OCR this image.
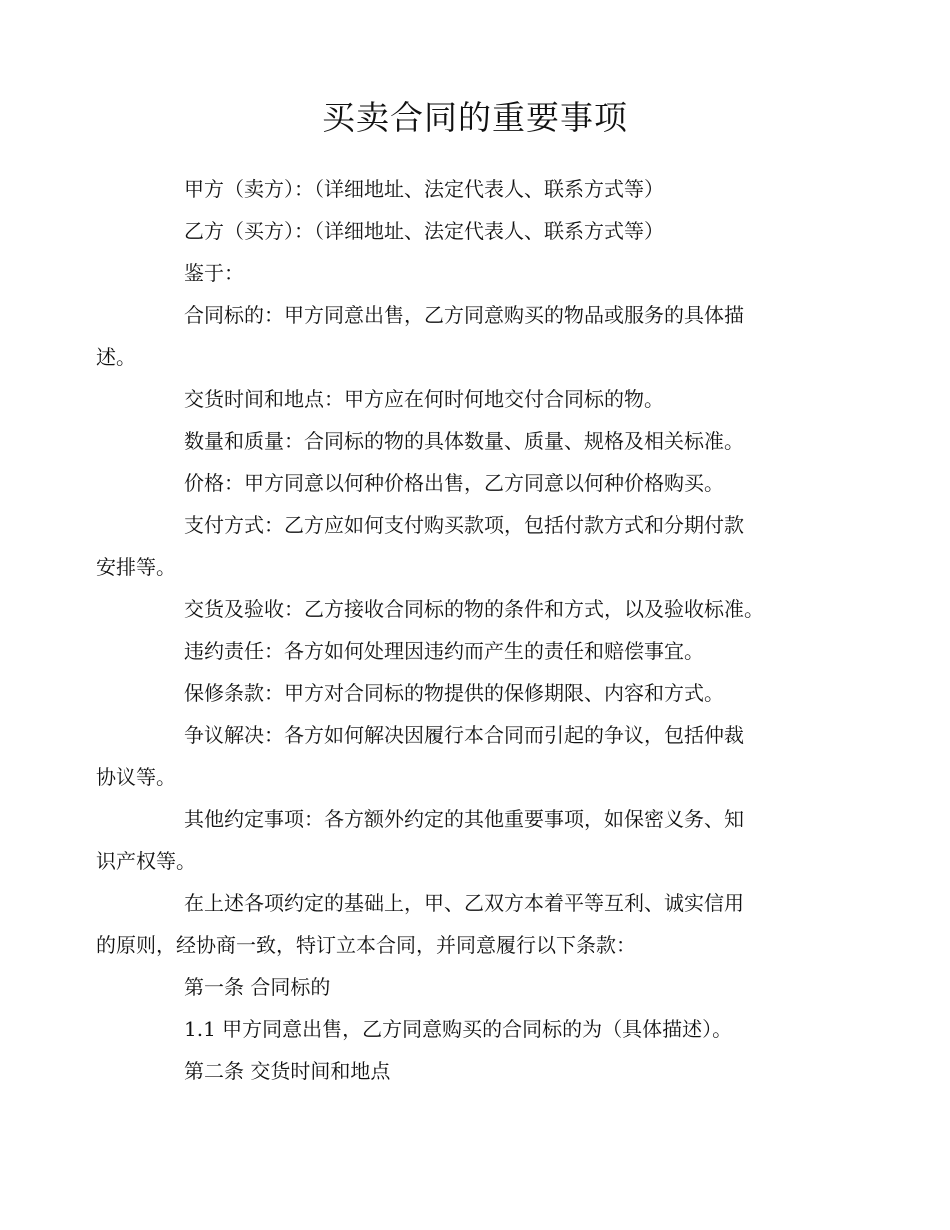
买卖合同的重要事项

甲方（卖方）：（详细地址、法定代表人、联系方式等）

乙方（买方）：（详细地址、法定代表人、联系方式等）

鉴于：

合同标的：甲方同意出售，乙方同意购买的物品或服务的具体描
述。

交货时间和地点：甲方应在何时何地交付合同标的物。

数量和质量：合同标的物的具体数量、质量、规格及相关标准。

价格：甲方同意以何种价格出售，乙方同意以何种价格购买。

支付方式：乙方应如何支付购买款项，包括付款方式和分期付款
安排等。

交货及验收：乙方接收合同标的物的条件和方式，以及验收标准。

违约责任：各方如何处理因违约而产生的责任和赔偿事宜。

保修条款：甲方对合同标的物提供的保修期限、内容和方式。

争议解决：各方如何解决因履行本合同而引起的争议，包括仲裁
协议等。

其他约定事项：各方额外约定的其他重要事项，如保密义务、知
识产权等。

在上述各项约定的基础上，甲、乙双方本着平等互利、诚实信用
的原则，经协商一致，特订立本合同，并同意履行以下条款：

第一条 合同标的

1.1 甲方同意出售，乙方同意购买的合同标的为（具体描述）。

第二条 交货时间和地点
